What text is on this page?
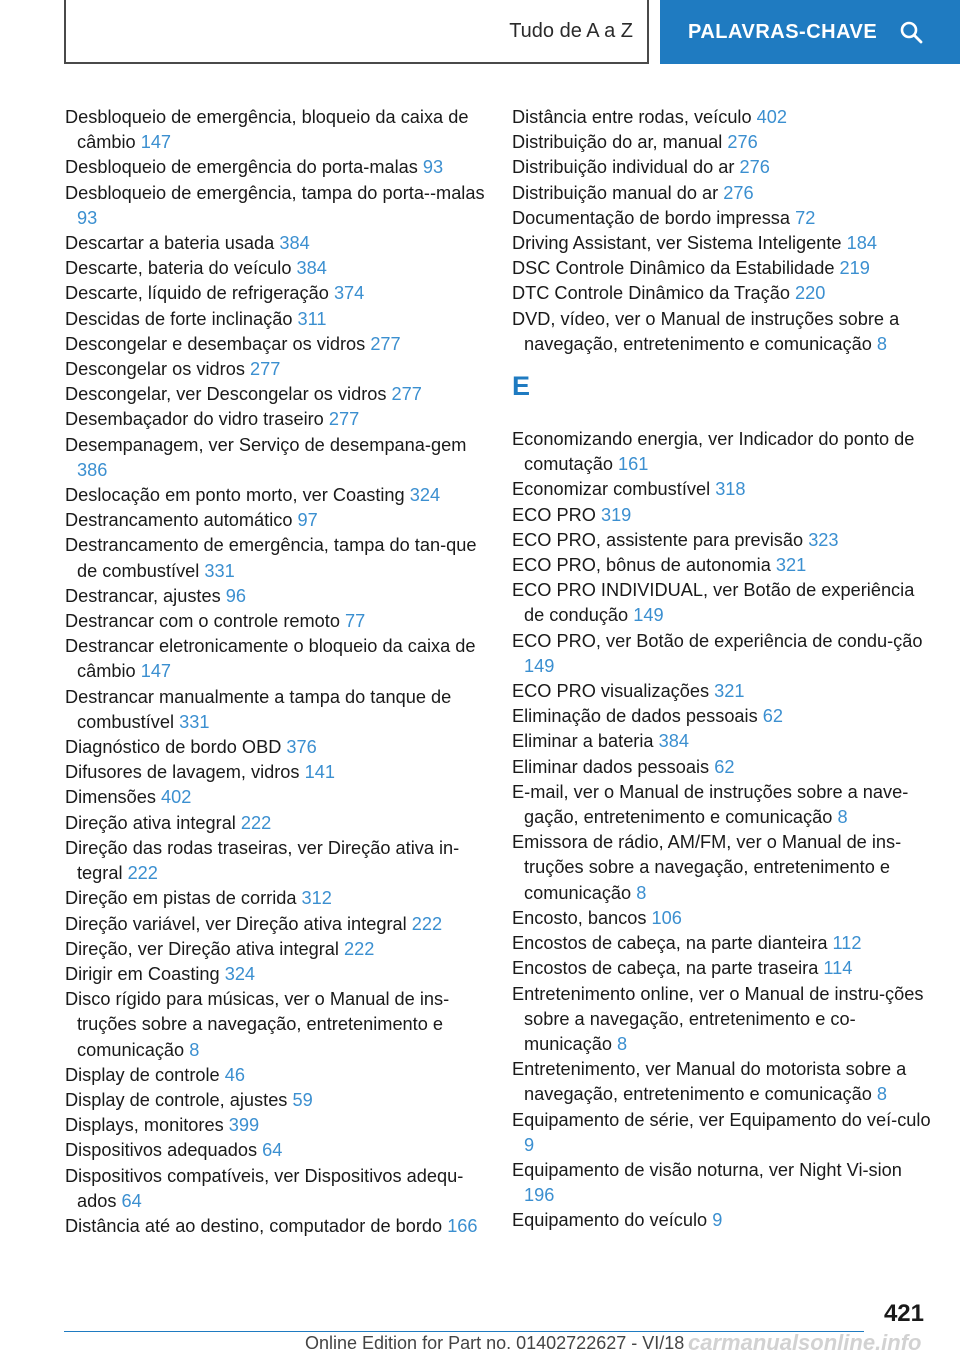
Tudo de A a Z	PALAVRAS-CHAVE
Desbloqueio de emergência, bloqueio da caixa de câmbio 147
Desbloqueio de emergência do porta-malas 93
Desbloqueio de emergência, tampa do porta--malas 93
Descartar a bateria usada 384
Descarte, bateria do veículo 384
Descarte, líquido de refrigeração 374
Descidas de forte inclinação 311
Descongelar e desembaçar os vidros 277
Descongelar os vidros 277
Descongelar, ver Descongelar os vidros 277
Desembaçador do vidro traseiro 277
Desempanagem, ver Serviço de desempana-gem 386
Deslocação em ponto morto, ver Coasting 324
Destrancamento automático 97
Destrancamento de emergência, tampa do tan-que de combustível 331
Destrancar, ajustes 96
Destrancar com o controle remoto 77
Destrancar eletronicamente o bloqueio da caixa de câmbio 147
Destrancar manualmente a tampa do tanque de combustível 331
Diagnóstico de bordo OBD 376
Difusores de lavagem, vidros 141
Dimensões 402
Direção ativa integral 222
Direção das rodas traseiras, ver Direção ativa in-tegral 222
Direção em pistas de corrida 312
Direção variável, ver Direção ativa integral 222
Direção, ver Direção ativa integral 222
Dirigir em Coasting 324
Disco rígido para músicas, ver o Manual de ins-truções sobre a navegação, entretenimento e comunicação 8
Display de controle 46
Display de controle, ajustes 59
Displays, monitores 399
Dispositivos adequados 64
Dispositivos compatíveis, ver Dispositivos adequ-ados 64
Distância até ao destino, computador de bordo 166
Distância entre rodas, veículo 402
Distribuição do ar, manual 276
Distribuição individual do ar 276
Distribuição manual do ar 276
Documentação de bordo impressa 72
Driving Assistant, ver Sistema Inteligente 184
DSC Controle Dinâmico da Estabilidade 219
DTC Controle Dinâmico da Tração 220
DVD, vídeo, ver o Manual de instruções sobre a navegação, entretenimento e comunicação 8
E
Economizando energia, ver Indicador do ponto de comutação 161
Economizar combustível 318
ECO PRO 319
ECO PRO, assistente para previsão 323
ECO PRO, bônus de autonomia 321
ECO PRO INDIVIDUAL, ver Botão de experiência de condução 149
ECO PRO, ver Botão de experiência de condu-ção 149
ECO PRO visualizações 321
Eliminação de dados pessoais 62
Eliminar a bateria 384
Eliminar dados pessoais 62
E-mail, ver o Manual de instruções sobre a nave-gação, entretenimento e comunicação 8
Emissora de rádio, AM/FM, ver o Manual de ins-truções sobre a navegação, entretenimento e comunicação 8
Encosto, bancos 106
Encostos de cabeça, na parte dianteira 112
Encostos de cabeça, na parte traseira 114
Entretenimento online, ver o Manual de instru-ções sobre a navegação, entretenimento e co-municação 8
Entretenimento, ver Manual do motorista sobre a navegação, entretenimento e comunicação 8
Equipamento de série, ver Equipamento do veí-culo 9
Equipamento de visão noturna, ver Night Vi-sion 196
Equipamento do veículo 9
421
Online Edition for Part no. 01402722627 - VI/18 carmanualsonline.info
